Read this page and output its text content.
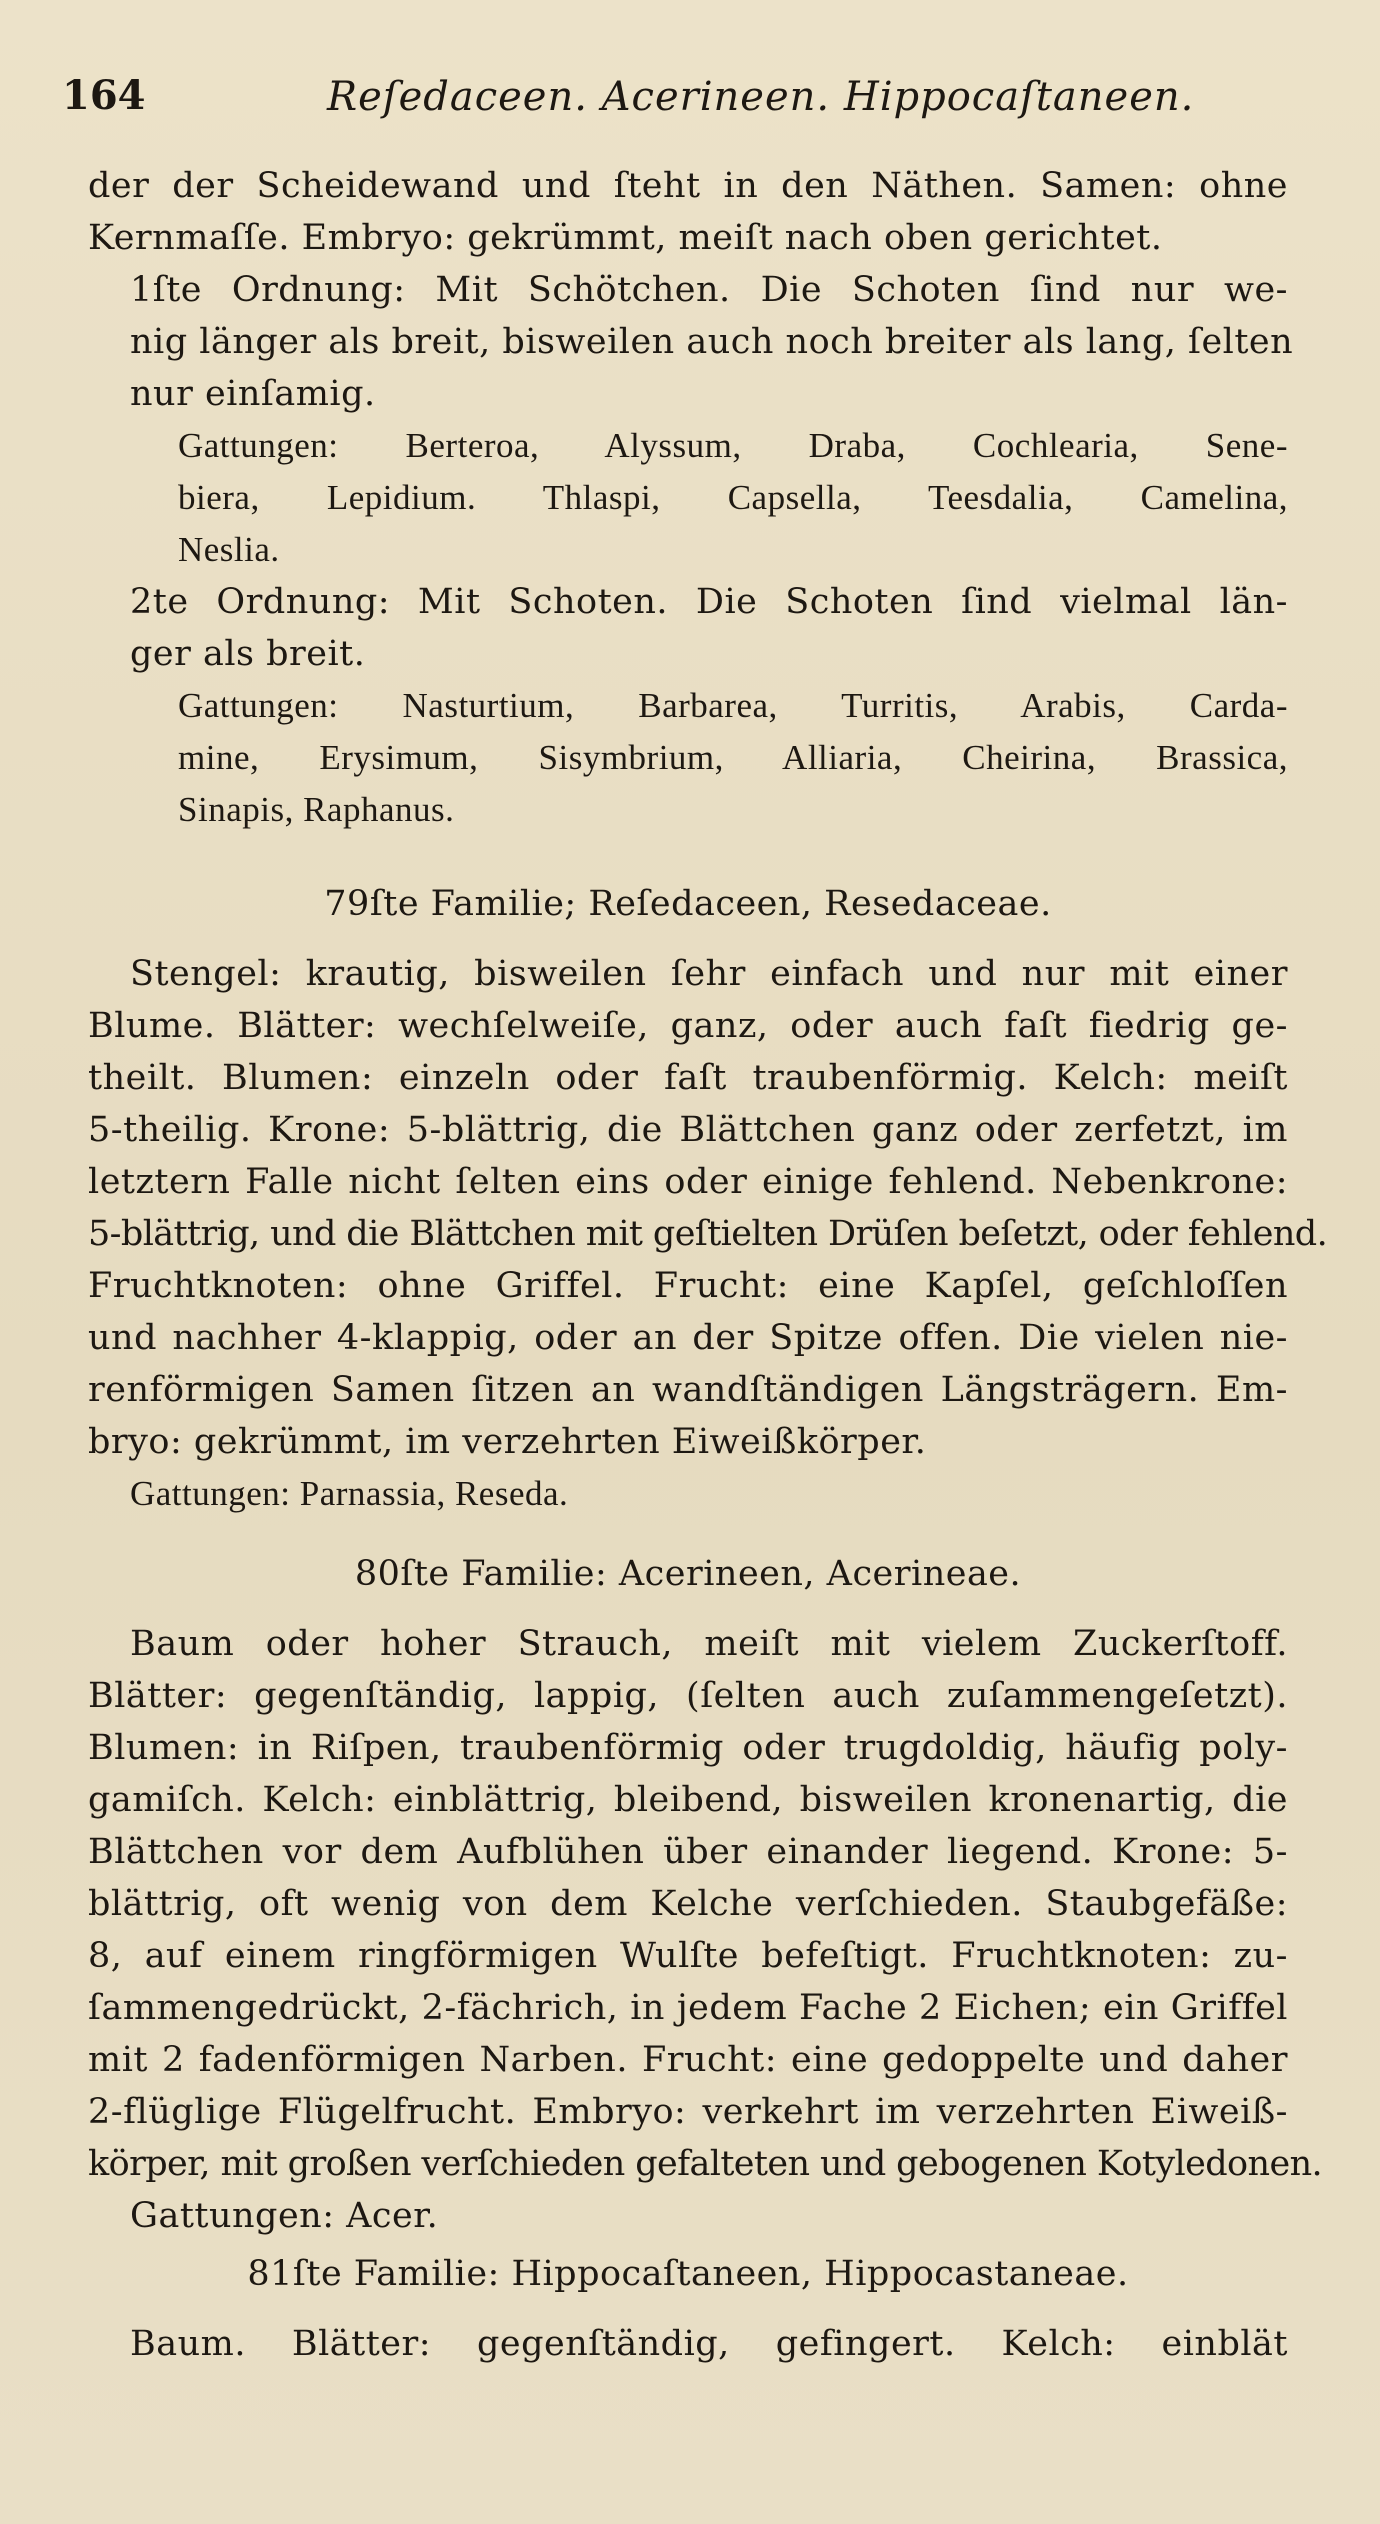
164	Reſedaceen. Acerineen. Hippocaſtaneen.
der der Scheidewand und ſteht in den Näthen. Samen: ohne
Kernmaſſe. Embryo: gekrümmt, meiſt nach oben gerichtet.
1ſte Ordnung: Mit Schötchen. Die Schoten ſind nur we-
nig länger als breit, bisweilen auch noch breiter als lang, ſelten
nur einſamig.
Gattungen: Berteroa, Alyssum, Draba, Cochlearia, Sene-
biera, Lepidium. Thlaspi, Capsella, Teesdalia, Camelina,
Neslia.
2te Ordnung: Mit Schoten. Die Schoten ſind vielmal län-
ger als breit.
Gattungen: Nasturtium, Barbarea, Turritis, Arabis, Carda-
mine, Erysimum, Sisymbrium, Alliaria, Cheirina, Brassica,
Sinapis, Raphanus.
79ſte Familie; Reſedaceen, Resedaceae.
Stengel: krautig, bisweilen ſehr einfach und nur mit einer
Blume. Blätter: wechſelweiſe, ganz, oder auch faſt fiedrig ge-
theilt. Blumen: einzeln oder faſt traubenförmig. Kelch: meiſt
5-theilig. Krone: 5-blättrig, die Blättchen ganz oder zerfetzt, im
letztern Falle nicht ſelten eins oder einige fehlend. Nebenkrone:
5-blättrig, und die Blättchen mit geſtielten Drüſen beſetzt, oder fehlend.
Fruchtknoten: ohne Griffel. Frucht: eine Kapſel, geſchloſſen
und nachher 4-klappig, oder an der Spitze offen. Die vielen nie-
renförmigen Samen ſitzen an wandſtändigen Längsträgern. Em-
bryo: gekrümmt, im verzehrten Eiweißkörper.
Gattungen: Parnassia, Reseda.
80ſte Familie: Acerineen, Acerineae.
Baum oder hoher Strauch, meiſt mit vielem Zuckerſtoff.
Blätter: gegenſtändig, lappig, (ſelten auch zuſammengeſetzt).
Blumen: in Riſpen, traubenförmig oder trugdoldig, häufig poly-
gamiſch. Kelch: einblättrig, bleibend, bisweilen kronenartig, die
Blättchen vor dem Aufblühen über einander liegend. Krone: 5-
blättrig, oft wenig von dem Kelche verſchieden. Staubgefäße:
8, auf einem ringförmigen Wulſte befeſtigt. Fruchtknoten: zu-
ſammengedrückt, 2-fächrich, in jedem Fache 2 Eichen; ein Griffel
mit 2 fadenförmigen Narben. Frucht: eine gedoppelte und daher
2-flüglige Flügelfrucht. Embryo: verkehrt im verzehrten Eiweiß-
körper, mit großen verſchieden gefalteten und gebogenen Kotyledonen.
Gattungen: Acer.
81ſte Familie: Hippocaſtaneen, Hippocastaneae.
Baum. Blätter: gegenſtändig, gefingert. Kelch: einblät
